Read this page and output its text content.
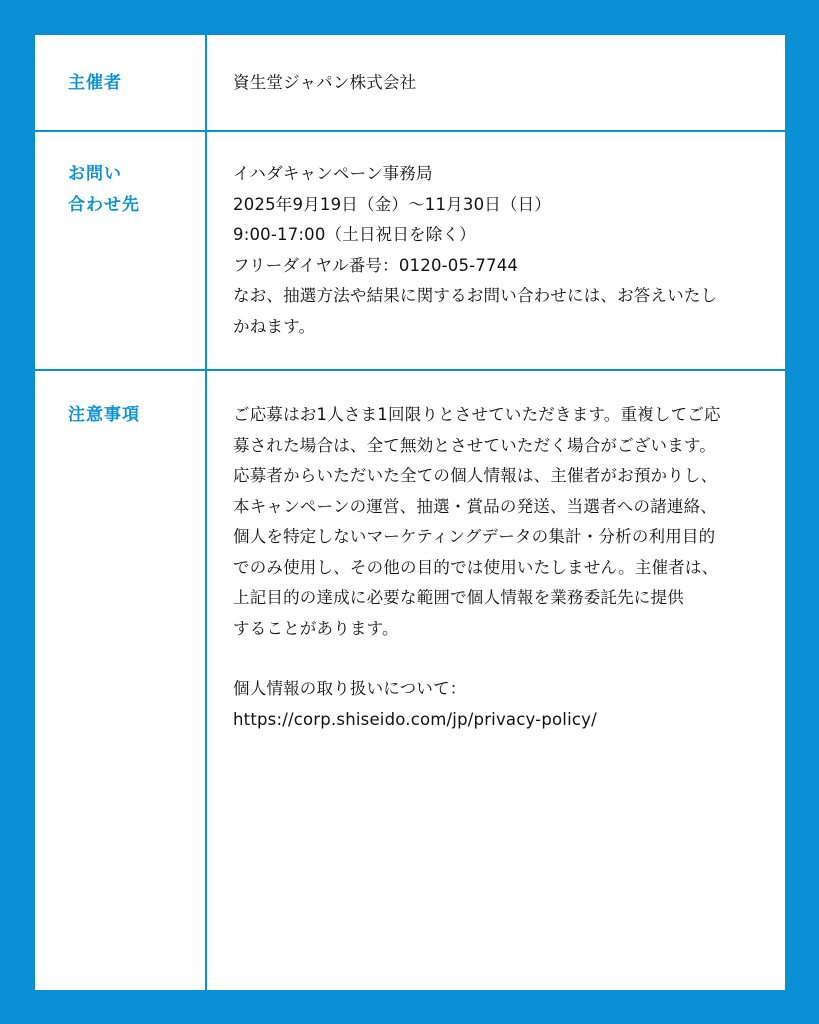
主催者	資生堂ジャパン株式会社

お問い
合わせ先

イハダキャンペーン事務局

2025年9月19日（金）～11月30日（日）

9:00-17:00（土日祝日を除く）

フリーダイヤル番号：0120-05-7744

なお、抽選方法や結果に関するお問い合わせには、お答えいたし

かねます。

注意事項	ご応募はお1人さま1回限りとさせていただきます。重複してご応

募された場合は、全て無効とさせていただく場合がございます。

応募者からいただいた全ての個人情報は、主催者がお預かりし、

本キャンペーンの運営、抽選・賞品の発送、当選者への諸連絡、

個人を特定しないマーケティングデータの集計・分析の利用目的

でのみ使用し、その他の目的では使用いたしません。主催者は、

上記目的の達成に必要な範囲で個人情報を業務委託先に提供

することがあります。

個人情報の取り扱いについて：

https://corp.shiseido.com/jp/privacy-policy/
